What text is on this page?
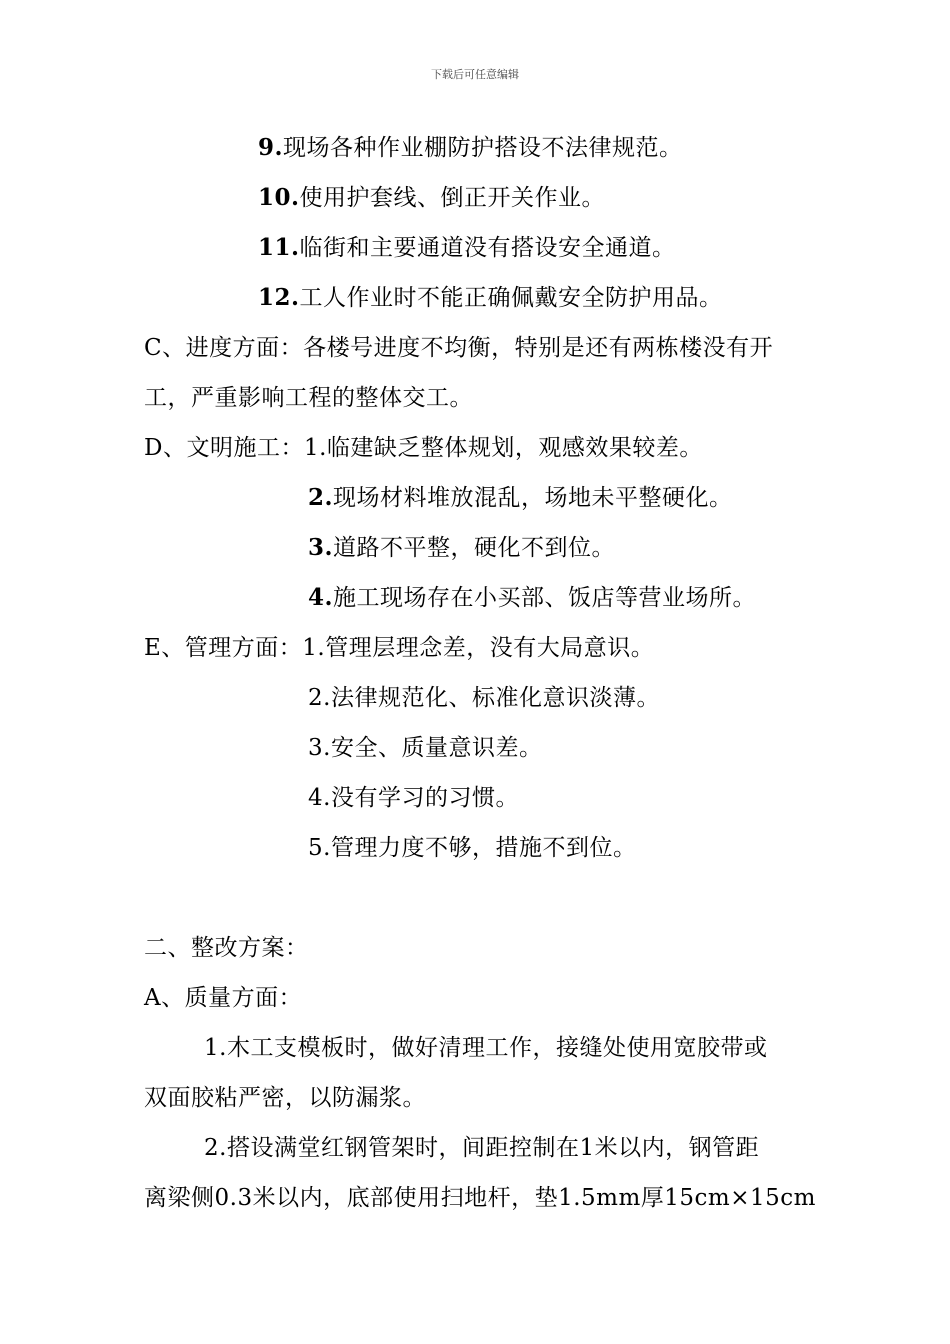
下载后可任意编辑
9.现场各种作业棚防护搭设不法律规范。
10.使用护套线、倒正开关作业。
11.临街和主要通道没有搭设安全通道。
12.工人作业时不能正确佩戴安全防护用品。
C、进度方面：各楼号进度不均衡，特别是还有两栋楼没有开
工，严重影响工程的整体交工。
D、文明施工：1.临建缺乏整体规划，观感效果较差。
2.现场材料堆放混乱，场地未平整硬化。
3.道路不平整，硬化不到位。
4.施工现场存在小买部、饭店等营业场所。
E、管理方面：1.管理层理念差，没有大局意识。
2.法律规范化、标准化意识淡薄。
3.安全、质量意识差。
4.没有学习的习惯。
5.管理力度不够，措施不到位。
二、整改方案：
A、质量方面：
1.木工支模板时，做好清理工作，接缝处使用宽胶带或
双面胶粘严密，以防漏浆。
2.搭设满堂红钢管架时，间距控制在1米以内，钢管距
离梁侧0.3米以内，底部使用扫地杆，垫1.5mm厚15cm×15cm
